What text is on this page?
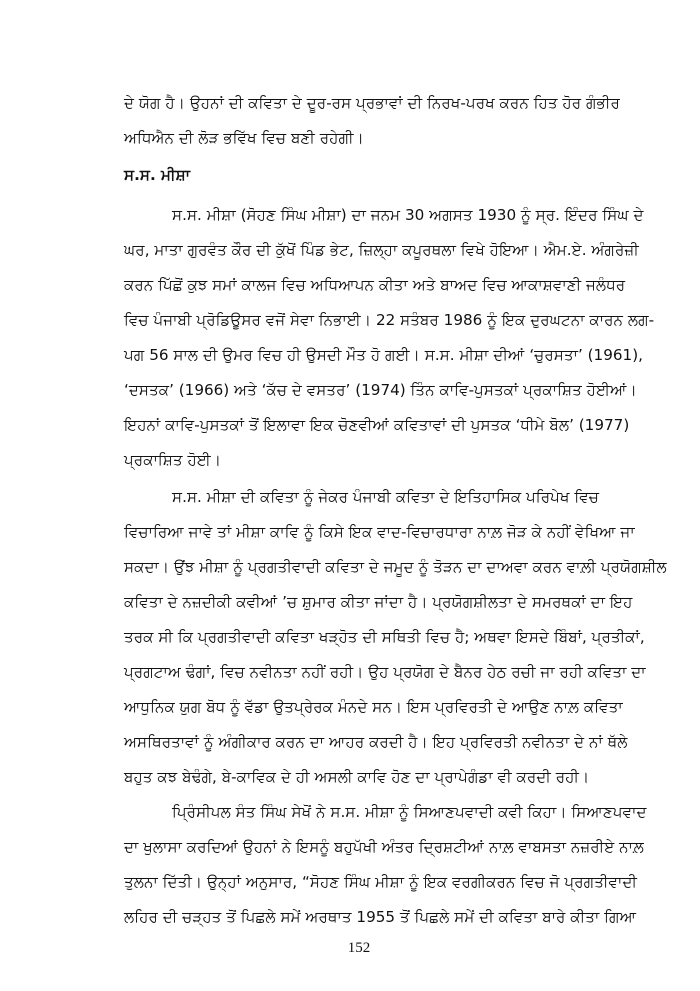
ਦੇ ਯੋਗ ਹੈ। ਉਹਨਾਂ ਦੀ ਕਵਿਤਾ ਦੇ ਦੂਰ-ਰਸ ਪ੍ਰਭਾਵਾਂ ਦੀ ਨਿਰਖ-ਪਰਖ ਕਰਨ ਹਿਤ ਹੋਰ ਗੰਭੀਰ
ਅਧਿਐਨ ਦੀ ਲੋੜ ਭਵਿੱਖ ਵਿਚ ਬਣੀ ਰਹੇਗੀ।
ਸ.ਸ. ਮੀਸ਼ਾ
ਸ.ਸ. ਮੀਸ਼ਾ (ਸੋਹਣ ਸਿੰਘ ਮੀਸ਼ਾ) ਦਾ ਜਨਮ 30 ਅਗਸਤ 1930 ਨੂੰ ਸ੍ਰ. ਇੰਦਰ ਸਿੰਘ ਦੇ
ਘਰ, ਮਾਤਾ ਗੁਰਵੰਤ ਕੌਰ ਦੀ ਕੁੱਖੋਂ ਪਿੰਡ ਭੇਟ, ਜ਼ਿਲ੍ਹਾ ਕਪੂਰਥਲਾ ਵਿਖੇ ਹੋਇਆ। ਐਮ.ਏ. ਅੰਗਰੇਜ਼ੀ
ਕਰਨ ਪਿੱਛੋਂ ਕੁਝ ਸਮਾਂ ਕਾਲਜ ਵਿਚ ਅਧਿਆਪਨ ਕੀਤਾ ਅਤੇ ਬਾਅਦ ਵਿਚ ਆਕਾਸ਼ਵਾਣੀ ਜਲੰਧਰ
ਵਿਚ ਪੰਜਾਬੀ ਪ੍ਰੋਡਿਊਸਰ ਵਜੋਂ ਸੇਵਾ ਨਿਭਾਈ। 22 ਸਤੰਬਰ 1986 ਨੂੰ ਇਕ ਦੁਰਘਟਨਾ ਕਾਰਨ ਲਗ-
ਪਗ 56 ਸਾਲ ਦੀ ਉਮਰ ਵਿਚ ਹੀ ਉਸਦੀ ਮੌਤ ਹੋ ਗਈ। ਸ.ਸ. ਮੀਸ਼ਾ ਦੀਆਂ ‘ਚੁਰਸਤਾ’ (1961),
‘ਦਸਤਕ’ (1966) ਅਤੇ ‘ਕੱਚ ਦੇ ਵਸਤਰ’ (1974) ਤਿੰਨ ਕਾਵਿ-ਪੁਸਤਕਾਂ ਪ੍ਰਕਾਸ਼ਿਤ ਹੋਈਆਂ।
ਇਹਨਾਂ ਕਾਵਿ-ਪੁਸਤਕਾਂ ਤੋਂ ਇਲਾਵਾ ਇਕ ਚੋਣਵੀਆਂ ਕਵਿਤਾਵਾਂ ਦੀ ਪੁਸਤਕ ‘ਧੀਮੇ ਬੋਲ’ (1977)
ਪ੍ਰਕਾਸ਼ਿਤ ਹੋਈ।
ਸ.ਸ. ਮੀਸ਼ਾ ਦੀ ਕਵਿਤਾ ਨੂੰ ਜੇਕਰ ਪੰਜਾਬੀ ਕਵਿਤਾ ਦੇ ਇਤਿਹਾਸਿਕ ਪਰਿਪੇਖ ਵਿਚ
ਵਿਚਾਰਿਆ ਜਾਵੇ ਤਾਂ ਮੀਸ਼ਾ ਕਾਵਿ ਨੂੰ ਕਿਸੇ ਇਕ ਵਾਦ-ਵਿਚਾਰਧਾਰਾ ਨਾਲ਼ ਜੋੜ ਕੇ ਨਹੀਂ ਵੇਖਿਆ ਜਾ
ਸਕਦਾ। ਉਂਝ ਮੀਸ਼ਾ ਨੂੰ ਪ੍ਰਗਤੀਵਾਦੀ ਕਵਿਤਾ ਦੇ ਜਮੂਦ ਨੂੰ ਤੋੜਨ ਦਾ ਦਾਅਵਾ ਕਰਨ ਵਾਲ਼ੀ ਪ੍ਰਯੋਗਸ਼ੀਲ
ਕਵਿਤਾ ਦੇ ਨਜ਼ਦੀਕੀ ਕਵੀਆਂ ’ਚ ਸ਼ੁਮਾਰ ਕੀਤਾ ਜਾਂਦਾ ਹੈ। ਪ੍ਰਯੋਗਸ਼ੀਲਤਾ ਦੇ ਸਮਰਥਕਾਂ ਦਾ ਇਹ
ਤਰਕ ਸੀ ਕਿ ਪ੍ਰਗਤੀਵਾਦੀ ਕਵਿਤਾ ਖੜ੍ਹੋਤ ਦੀ ਸਥਿਤੀ ਵਿਚ ਹੈ; ਅਥਵਾ ਇਸਦੇ ਬਿੰਬਾਂ, ਪ੍ਰਤੀਕਾਂ,
ਪ੍ਰਗਟਾਅ ਢੰਗਾਂ, ਵਿਚ ਨਵੀਨਤਾ ਨਹੀਂ ਰਹੀ। ਉਹ ਪ੍ਰਯੋਗ ਦੇ ਬੈਨਰ ਹੇਠ ਰਚੀ ਜਾ ਰਹੀ ਕਵਿਤਾ ਦਾ
ਆਧੁਨਿਕ ਯੁਗ ਬੋਧ ਨੂੰ ਵੱਡਾ ਉਤਪ੍ਰੇਰਕ ਮੰਨਦੇ ਸਨ। ਇਸ ਪ੍ਰਵਿਰਤੀ ਦੇ ਆਉਣ ਨਾਲ਼ ਕਵਿਤਾ
ਅਸਥਿਰਤਾਵਾਂ ਨੂੰ ਅੰਗੀਕਾਰ ਕਰਨ ਦਾ ਆਹਰ ਕਰਦੀ ਹੈ। ਇਹ ਪ੍ਰਵਿਰਤੀ ਨਵੀਨਤਾ ਦੇ ਨਾਂ ਥੱਲੇ
ਬਹੁਤ ਕਝ ਬੇਢੰਗੇ, ਬੇ-ਕਾਵਿਕ ਦੇ ਹੀ ਅਸਲੀ ਕਾਵਿ ਹੋਣ ਦਾ ਪ੍ਰਾਪੇਗੰਡਾ ਵੀ ਕਰਦੀ ਰਹੀ।
ਪ੍ਰਿੰਸੀਪਲ ਸੰਤ ਸਿੰਘ ਸੇਖੋਂ ਨੇ ਸ.ਸ. ਮੀਸ਼ਾ ਨੂੰ ਸਿਆਣਪਵਾਦੀ ਕਵੀ ਕਿਹਾ। ਸਿਆਣਪਵਾਦ
ਦਾ ਖੁਲਾਸਾ ਕਰਦਿਆਂ ਉਹਨਾਂ ਨੇ ਇਸਨੂੰ ਬਹੁਪੱਖੀ ਅੰਤਰ ਦ੍ਰਿਸ਼ਟੀਆਂ ਨਾਲ਼ ਵਾਬਸਤਾ ਨਜ਼ਰੀਏ ਨਾਲ਼
ਤੁਲਨਾ ਦਿੱਤੀ। ਉਨ੍ਹਾਂ ਅਨੁਸਾਰ, “ਸੋਹਣ ਸਿੰਘ ਮੀਸ਼ਾ ਨੂੰ ਇਕ ਵਰਗੀਕਰਨ ਵਿਚ ਜੋ ਪ੍ਰਗਤੀਵਾਦੀ
ਲਹਿਰ ਦੀ ਚੜ੍ਹਤ ਤੋਂ ਪਿਛਲੇ ਸਮੇਂ ਅਰਥਾਤ 1955 ਤੋਂ ਪਿਛਲੇ ਸਮੇਂ ਦੀ ਕਵਿਤਾ ਬਾਰੇ ਕੀਤਾ ਗਿਆ
152
